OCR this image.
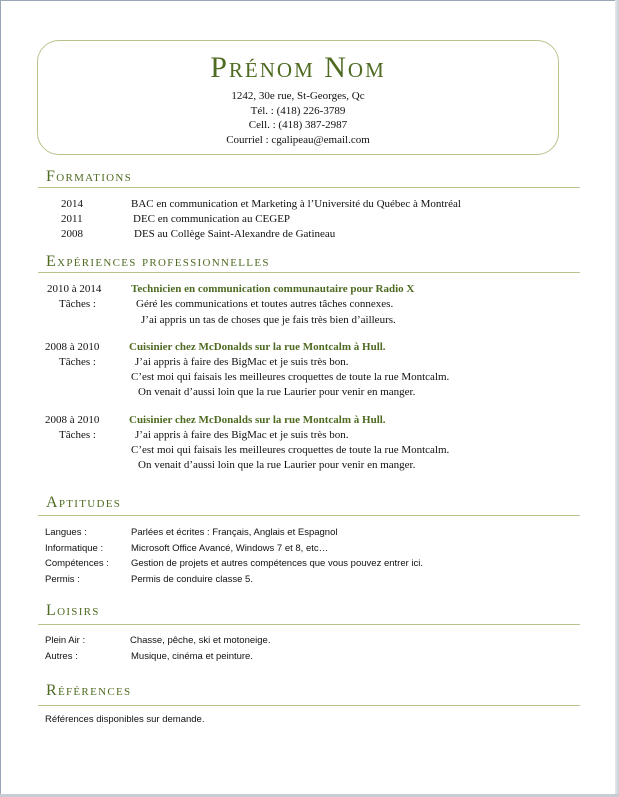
Prénom Nom
1242, 30e rue, St-Georges, Qc
Tél. : (418) 226-3789
Cell. : (418) 387-2987
Courriel : cgalipeau@email.com
Formations
2014	BAC en communication et Marketing à l’Université du Québec à Montréal
2011	DEC en communication au CEGEP
2008	DES au Collège Saint-Alexandre de Gatineau
Expériences professionnelles
2010 à 2014	Technicien en communication communautaire pour Radio X
Tâches :	Géré les communications et toutes autres tâches connexes.
J’ai appris un tas de choses que je fais très bien d’ailleurs.
2008 à 2010	Cuisinier chez McDonalds sur la rue Montcalm à Hull.
Tâches :	J’ai appris à faire des BigMac et je suis très bon.
C’est moi qui faisais les meilleures croquettes de toute la rue Montcalm.
On venait d’aussi loin que la rue Laurier pour venir en manger.
2008 à 2010	Cuisinier chez McDonalds sur la rue Montcalm à Hull.
Tâches :	J’ai appris à faire des BigMac et je suis très bon.
C’est moi qui faisais les meilleures croquettes de toute la rue Montcalm.
On venait d’aussi loin que la rue Laurier pour venir en manger.
Aptitudes
Langues :	Parlées et écrites : Français, Anglais et Espagnol
Informatique :	Microsoft Office Avancé, Windows 7 et 8, etc…
Compétences : Gestion de projets et autres compétences que vous pouvez entrer ici.
Permis :	Permis de conduire classe 5.
Loisirs
Plein Air :	Chasse, pêche, ski et motoneige.
Autres :	Musique, cinéma et peinture.
Références
Références disponibles sur demande.
